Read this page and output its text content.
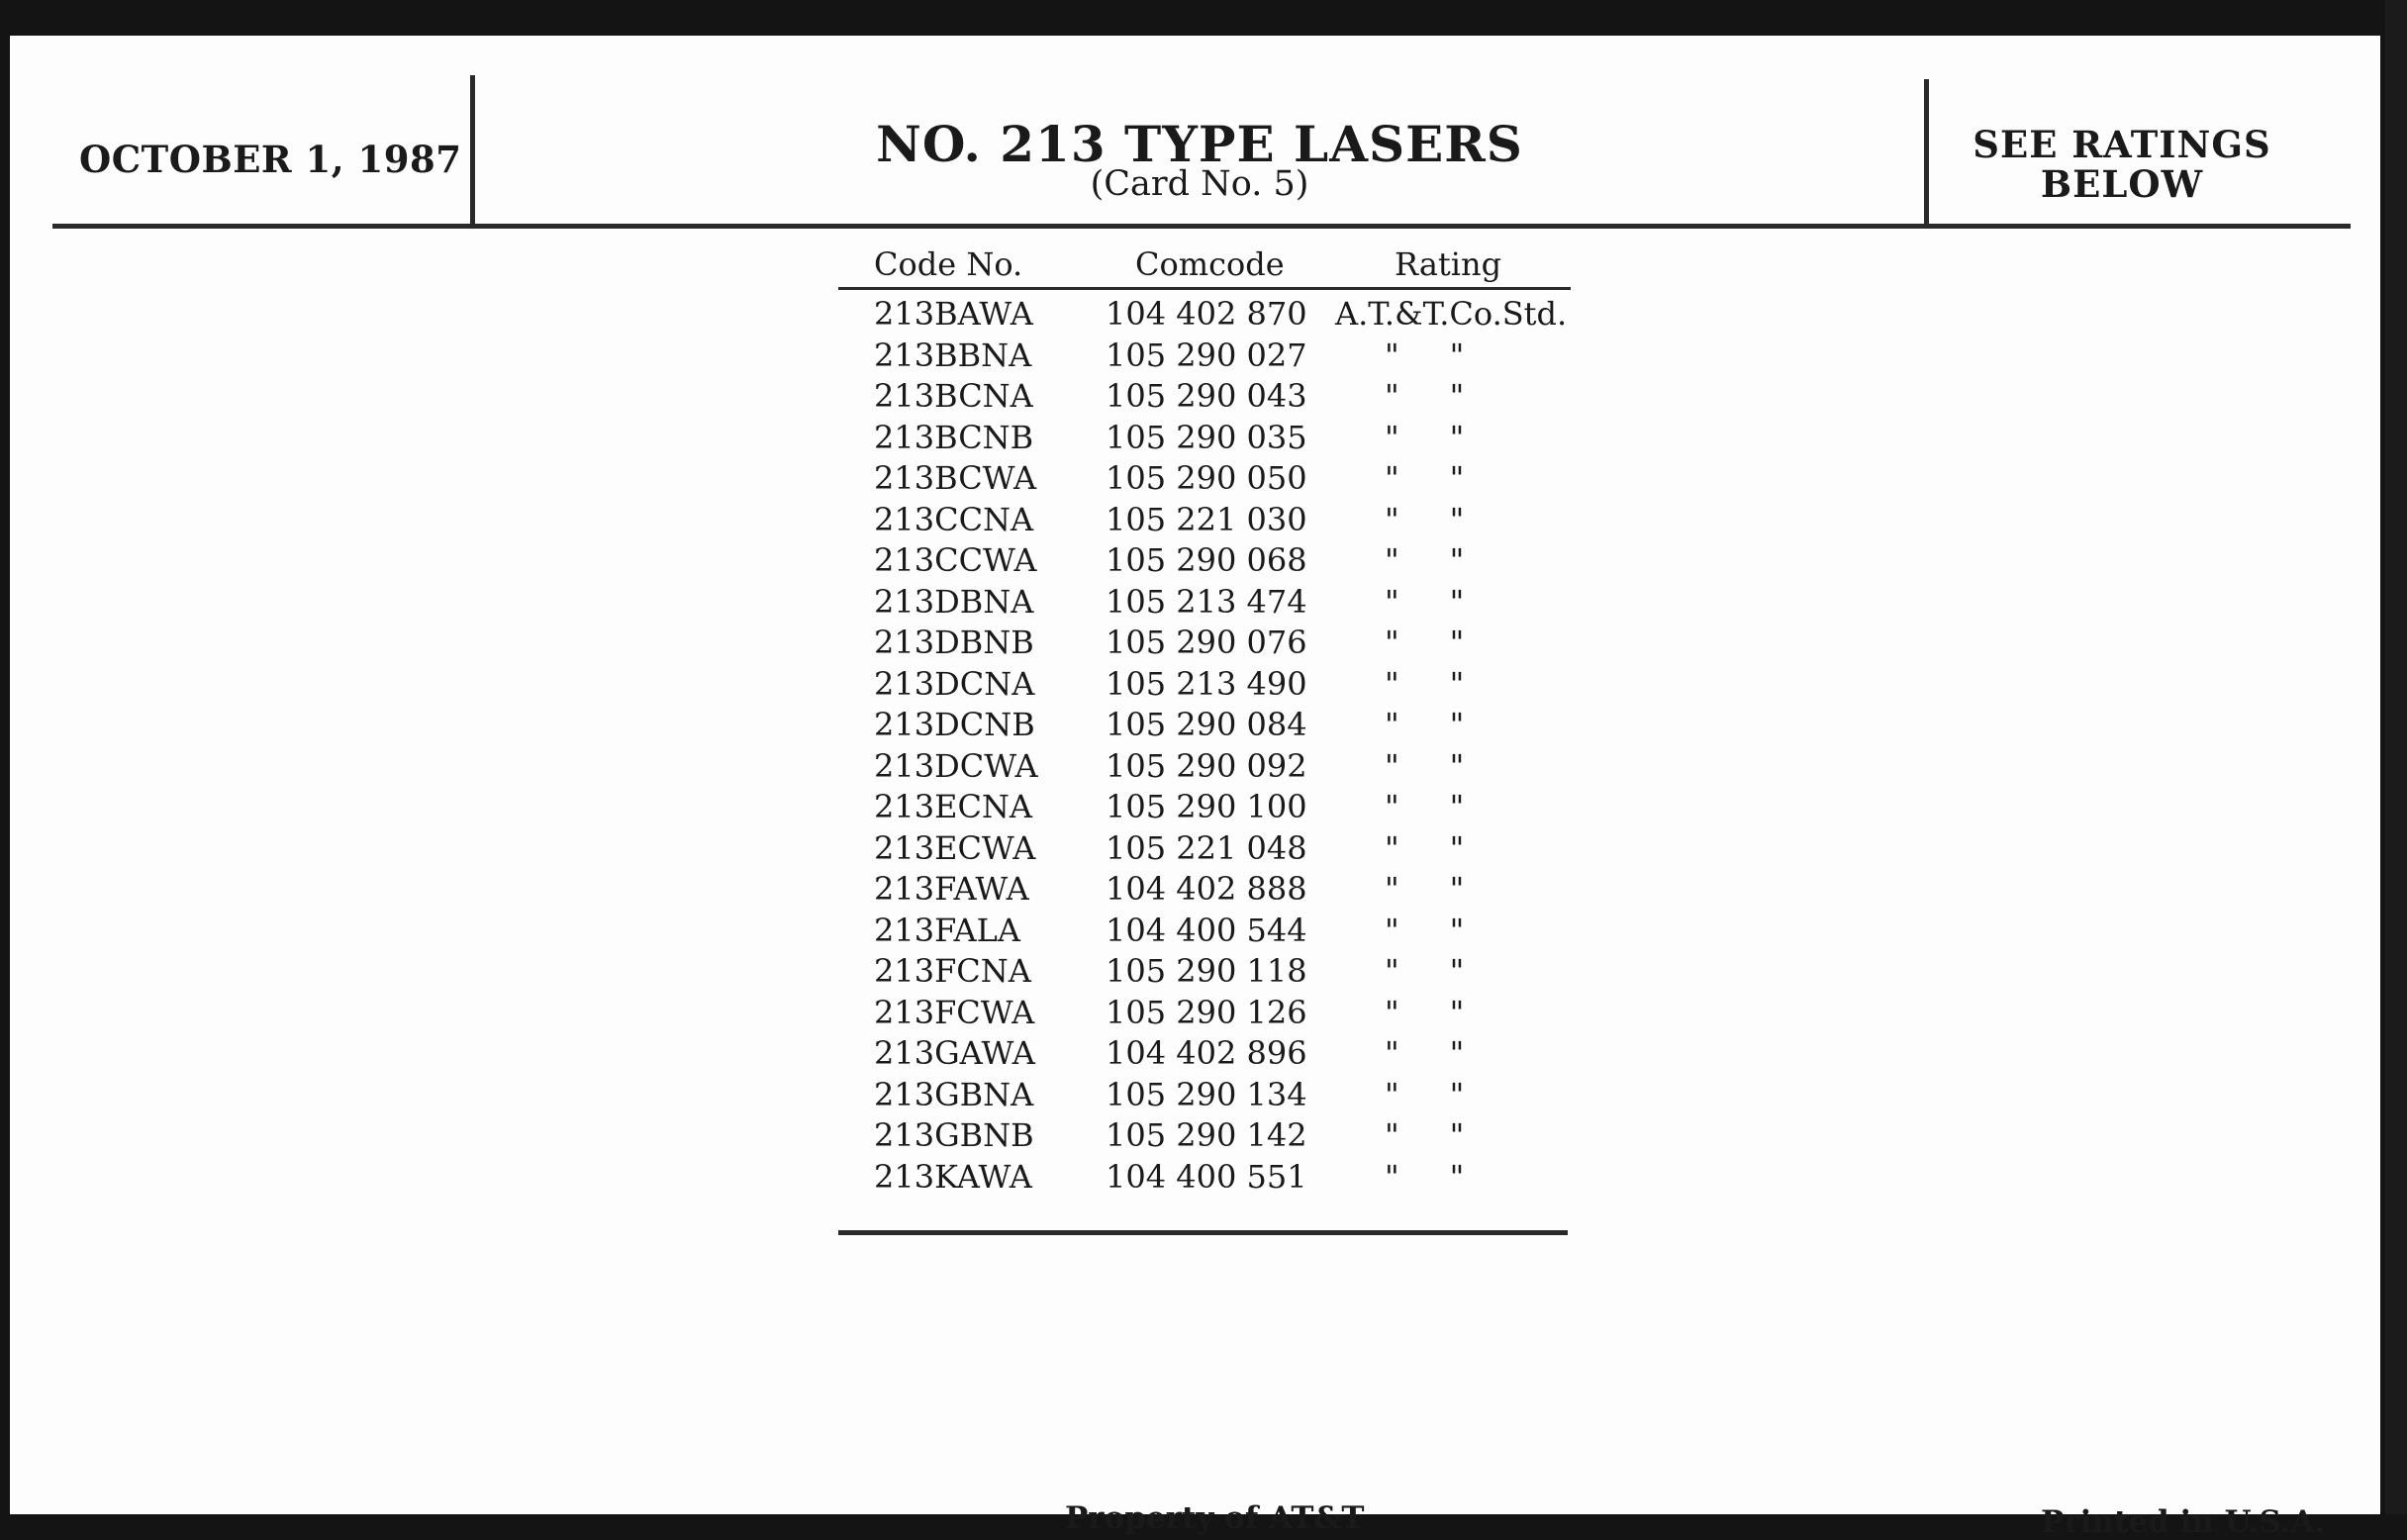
OCTOBER 1, 1987	NO. 213 TYPE LASERS
(Card No. 5)
SEE RATINGS
BELOW
Code No.	Comcode	Rating
213BAWA 104 402 870 A.T.&T.Co.Std.
213BBNA 105 290 027 "     "
213BCNA 105 290 043 "     "
213BCNB 105 290 035 "     "
213BCWA 105 290 050 "     "
213CCNA 105 221 030 "     "
213CCWA 105 290 068 "     "
213DBNA 105 213 474 "     "
213DBNB 105 290 076 "     "
213DCNA 105 213 490 "     "
213DCNB 105 290 084 "     "
213DCWA 105 290 092 "     "
213ECNA 105 290 100 "     "
213ECWA 105 221 048 "     "
213FAWA 104 402 888 "     "
213FALA	104 400 544 "     "
213FCNA 105 290 118 "     "
213FCWA 105 290 126 "     "
213GAWA 104 402 896 "     "
213GBNA 105 290 134 "     "
213GBNB 105 290 142 "     "
213KAWA 104 400 551 "     "
Property of AT&T	Printed in U.S.A.
